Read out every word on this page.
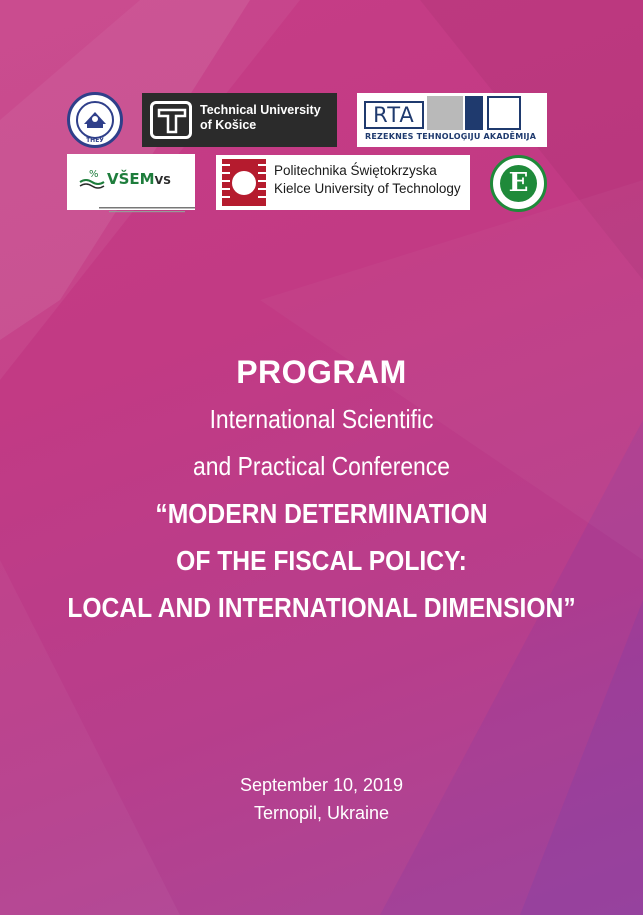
ТНЕУ
Technical University
of Košice	RTA
REZEKNES TEHNOLOĢIJU AKADĒMIJA
% VŠEMVS
Politechnika Świętokrzyska
Kielce University of Technology	E
PROGRAM
International Scientific
and Practical Conference
“MODERN DETERMINATION
OF THE FISCAL POLICY:
LOCAL AND INTERNATIONAL DIMENSION”
September 10, 2019
Ternopil, Ukraine
